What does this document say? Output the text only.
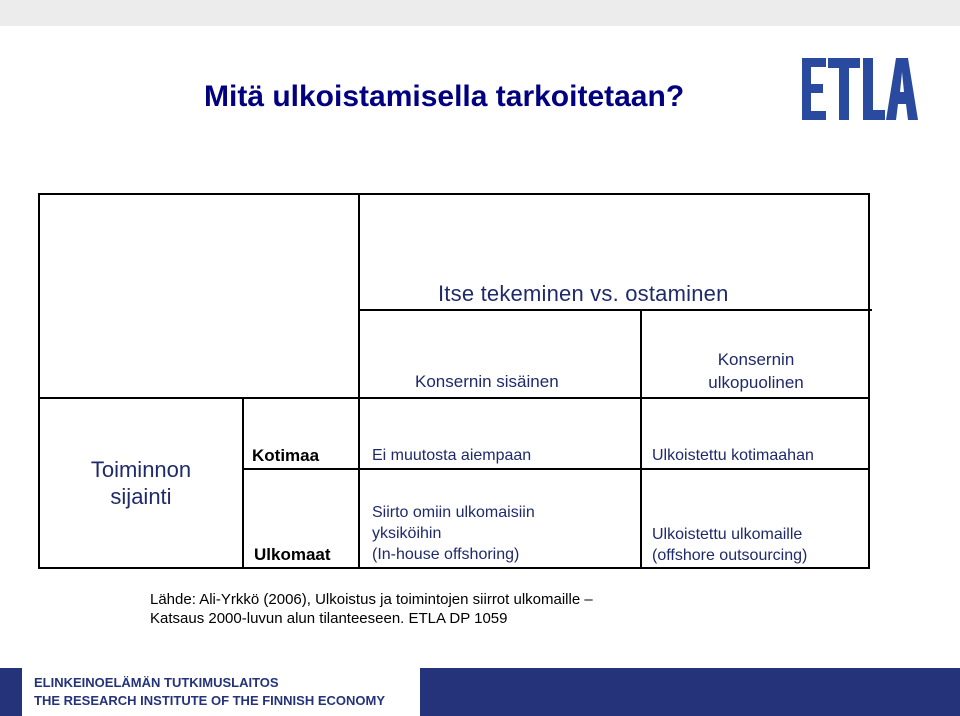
Mitä ulkoistamisella tarkoitetaan?
Itse tekeminen vs. ostaminen
Konsernin sisäinen
Konsernin
ulkopuolinen
Toiminnon
sijainti
Kotimaa
Ulkomaat
Ei muutosta aiempaan	Ulkoistettu kotimaahan
Siirto omiin ulkomaisiin
yksiköihin
(In-house offshoring)
Ulkoistettu ulkomaille
(offshore outsourcing)
Lähde: Ali-Yrkkö (2006), Ulkoistus ja toimintojen siirrot ulkomaille –
Katsaus 2000-luvun alun tilanteeseen. ETLA DP 1059
ELINKEINOELÄMÄN TUTKIMUSLAITOS
THE RESEARCH INSTITUTE OF THE FINNISH ECONOMY
